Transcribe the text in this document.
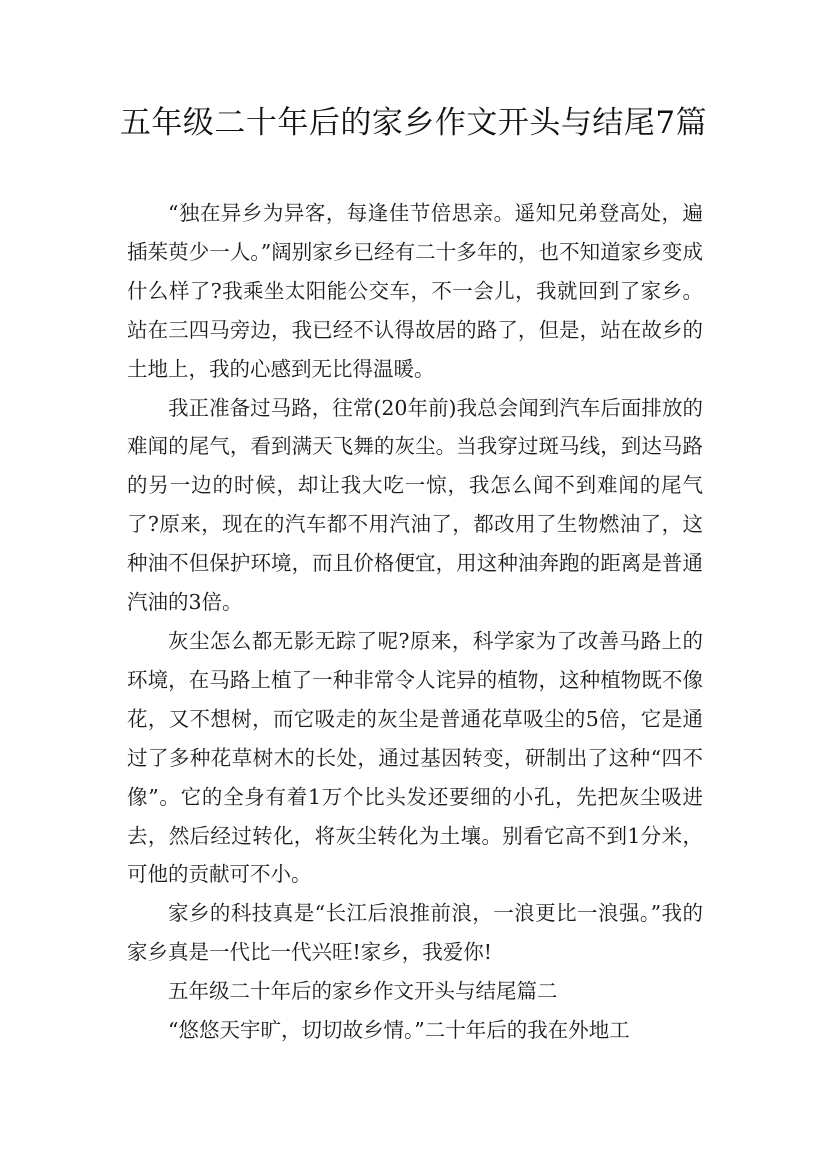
五年级二十年后的家乡作文开头与结尾7篇

“独在异乡为异客，每逢佳节倍思亲。遥知兄弟登高处，遍插茱萸少一人。”阔别家乡已经有二十多年的，也不知道家乡变成什么样了?我乘坐太阳能公交车，不一会儿，我就回到了家乡。站在三四马旁边，我已经不认得故居的路了，但是，站在故乡的土地上，我的心感到无比得温暖。

我正准备过马路，往常(20年前)我总会闻到汽车后面排放的难闻的尾气，看到满天飞舞的灰尘。当我穿过斑马线，到达马路的另一边的时候，却让我大吃一惊，我怎么闻不到难闻的尾气了?原来，现在的汽车都不用汽油了，都改用了生物燃油了，这种油不但保护环境，而且价格便宜，用这种油奔跑的距离是普通汽油的3倍。

灰尘怎么都无影无踪了呢?原来，科学家为了改善马路上的环境，在马路上植了一种非常令人诧异的植物，这种植物既不像花，又不想树，而它吸走的灰尘是普通花草吸尘的5倍，它是通过了多种花草树木的长处，通过基因转变，研制出了这种“四不像”。它的全身有着1万个比头发还要细的小孔，先把灰尘吸进去，然后经过转化，将灰尘转化为土壤。别看它高不到1分米，可他的贡献可不小。

家乡的科技真是“长江后浪推前浪，一浪更比一浪强。”我的家乡真是一代比一代兴旺!家乡，我爱你!

五年级二十年后的家乡作文开头与结尾篇二

“悠悠天宇旷，切切故乡情。”二十年后的我在外地工
